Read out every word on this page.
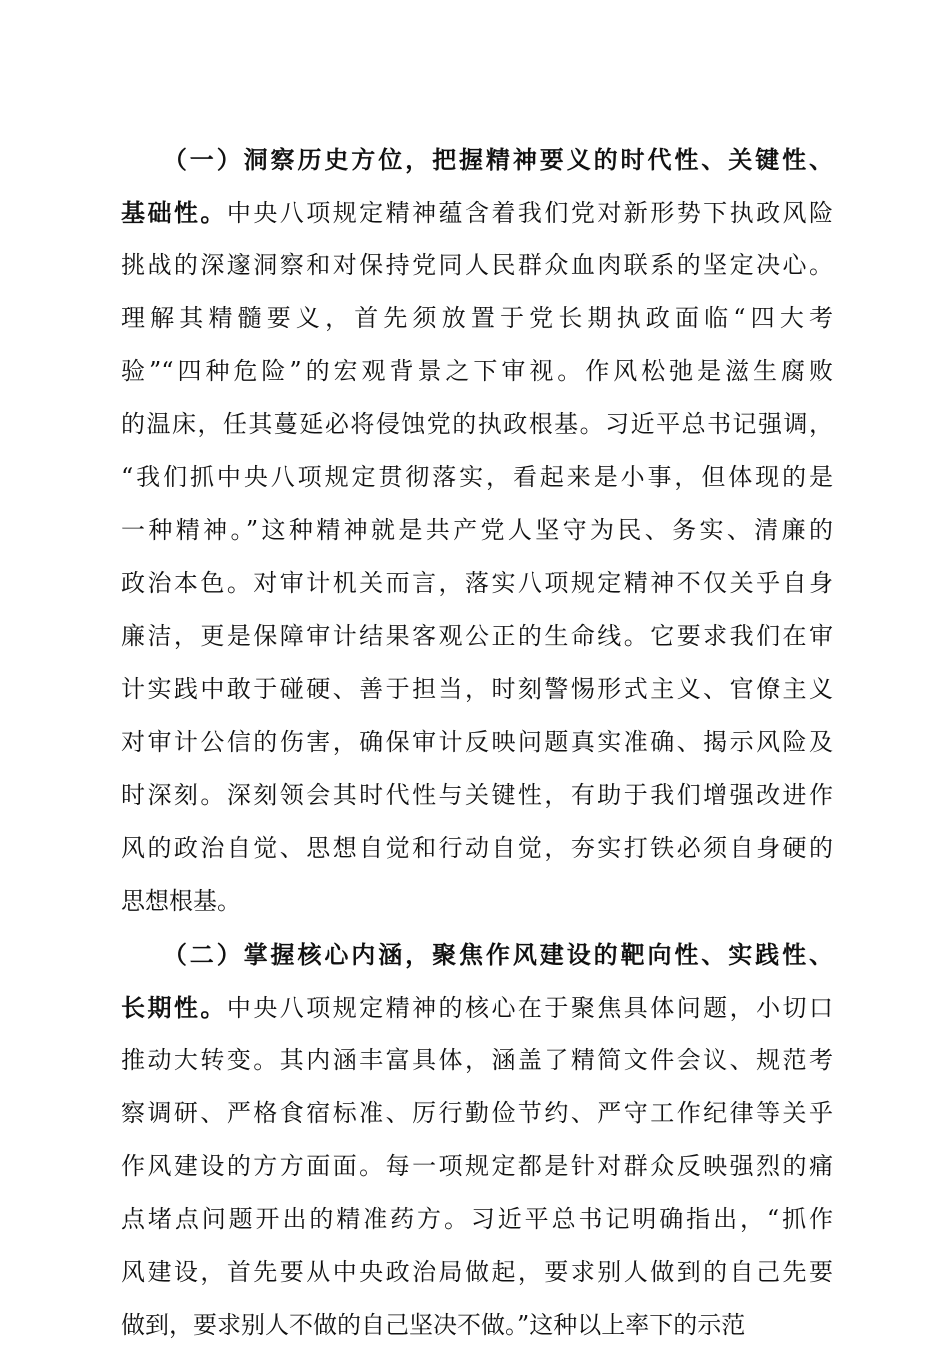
　　（一）洞察历史方位，把握精神要义的时代性、关键性、
基础性。中央八项规定精神蕴含着我们党对新形势下执政风险
挑战的深邃洞察和对保持党同人民群众血肉联系的坚定决心。
理解其精髓要义，首先须放置于党长期执政面临“四大考
验”“四种危险”的宏观背景之下审视。作风松弛是滋生腐败
的温床，任其蔓延必将侵蚀党的执政根基。习近平总书记强调，
“我们抓中央八项规定贯彻落实，看起来是小事，但体现的是
一种精神。”这种精神就是共产党人坚守为民、务实、清廉的
政治本色。对审计机关而言，落实八项规定精神不仅关乎自身
廉洁，更是保障审计结果客观公正的生命线。它要求我们在审
计实践中敢于碰硬、善于担当，时刻警惕形式主义、官僚主义
对审计公信的伤害，确保审计反映问题真实准确、揭示风险及
时深刻。深刻领会其时代性与关键性，有助于我们增强改进作
风的政治自觉、思想自觉和行动自觉，夯实打铁必须自身硬的
思想根基。
　　（二）掌握核心内涵，聚焦作风建设的靶向性、实践性、
长期性。中央八项规定精神的核心在于聚焦具体问题，小切口
推动大转变。其内涵丰富具体，涵盖了精简文件会议、规范考
察调研、严格食宿标准、厉行勤俭节约、严守工作纪律等关乎
作风建设的方方面面。每一项规定都是针对群众反映强烈的痛
点堵点问题开出的精准药方。习近平总书记明确指出，“抓作
风建设，首先要从中央政治局做起，要求别人做到的自己先要
做到，要求别人不做的自己坚决不做。”这种以上率下的示范
